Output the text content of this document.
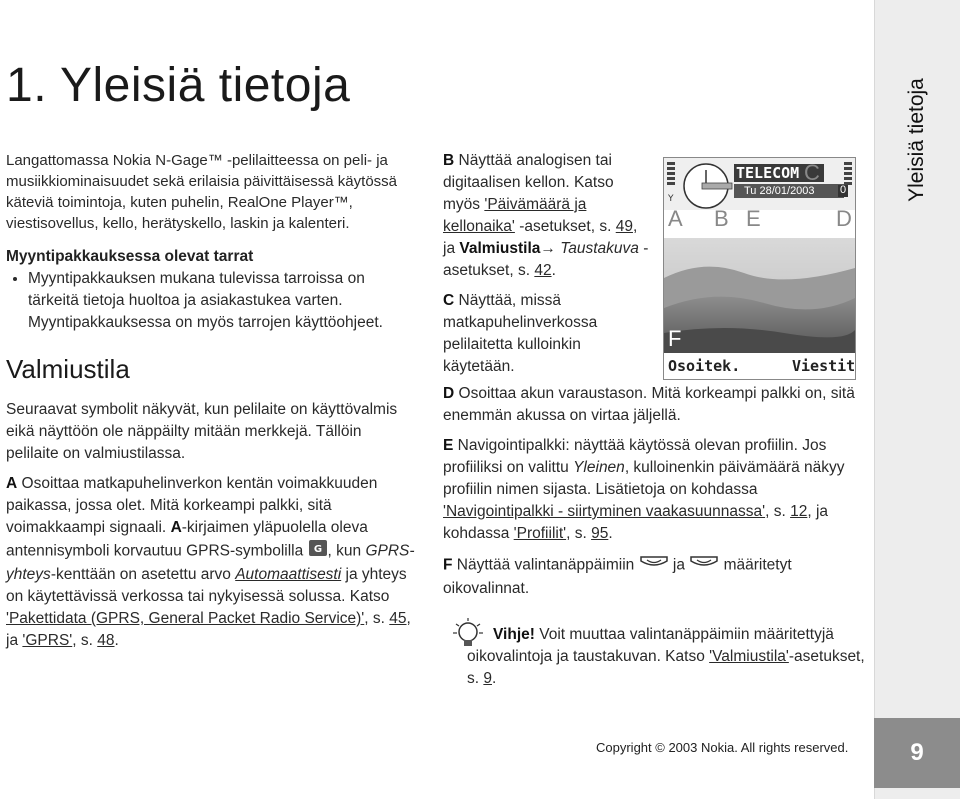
Yleisiä tietoja
9
1. Yleisiä tietoja

Langattomassa Nokia N-Gage™ -pelilaitteessa on peli- ja musiikkiominaisuudet sekä erilaisia päivittäisessä käytössä käteviä toimintoja, kuten puhelin, RealOne Player™, viestisovellus, kello, herätyskello, laskin ja kalenteri.

Myyntipakkauksessa olevat tarrat
• Myyntipakkauksen mukana tulevissa tarroissa on tärkeitä tietoja huoltoa ja asiakastukea varten. Myyntipakkauksessa on myös tarrojen käyttöohjeet.
Valmiustila

Seuraavat symbolit näkyvät, kun pelilaite on käyttövalmis eikä näyttöön ole näppäilty mitään merkkejä. Tällöin pelilaite on valmiustilassa.

A Osoittaa matkapuhelinverkon kentän voimakkuuden paikassa, jossa olet. Mitä korkeampi palkki, sitä voimakkaampi signaali. A-kirjaimen yläpuolella oleva antennisymboli korvautuu GPRS-symbolilla G , kun GPRS-yhteys-kenttään on asetettu arvo Automaattisesti ja yhteys on käytettävissä verkossa tai nykyisessä solussa. Katso 'Pakettidata (GPRS, General Packet Radio Service)', s. 45, ja 'GPRS', s. 48.

B Näyttää analogisen tai digitaalisen kellon. Katso myös 'Päivämäärä ja kellonaika' -asetukset, s. 49, ja Valmiustila→ Taustakuva -asetukset, s. 42.

C Näyttää, missä matkapuhelinverkossa pelilaitetta kulloinkin käytetään.

Y
TELECOM C
Tu 28/01/2003 0
A B E	D
F
Osoitek.	Viestit

D Osoittaa akun varaustason. Mitä korkeampi palkki on, sitä enemmän akussa on virtaa jäljellä.

E Navigointipalkki: näyttää käytössä olevan profiilin. Jos profiiliksi on valittu Yleinen, kulloinenkin päivämäärä näkyy profiilin nimen sijasta. Lisätietoja on kohdassa 'Navigointipalkki - siirtyminen vaakasuunnassa', s. 12, ja kohdassa 'Profiilit', s. 95.

F Näyttää valintanäppäimiin ja määritetyt oikovalinnat.

Vihje! Voit muuttaa valintanäppäimiin määritettyjä oikovalintoja ja taustakuvan. Katso 'Valmiustila'-asetukset, s. 9.

Copyright © 2003 Nokia. All rights reserved.
